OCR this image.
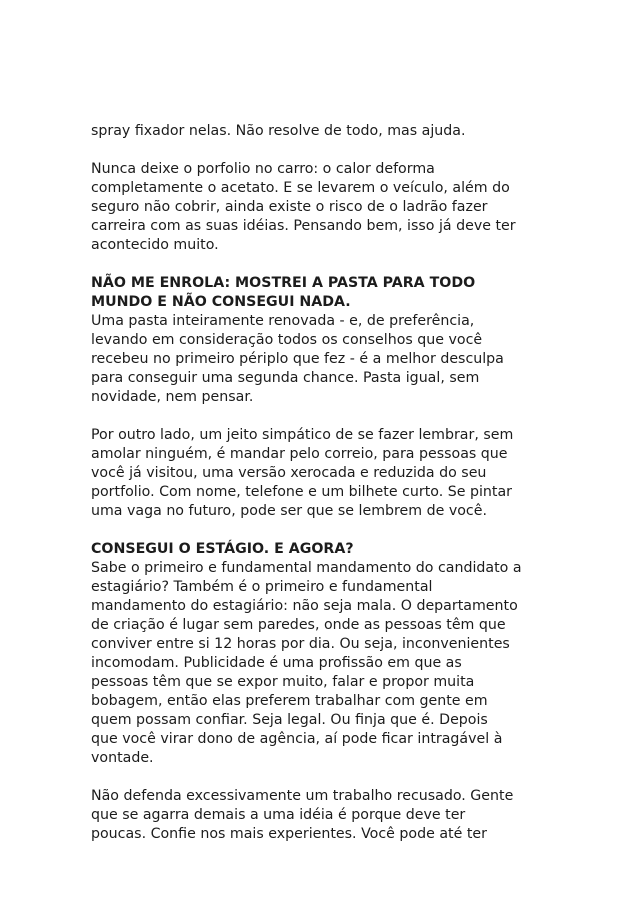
spray fixador nelas. Não resolve de todo, mas ajuda.
Nunca deixe o porfolio no carro: o calor deforma
completamente o acetato. E se levarem o veículo, além do
seguro não cobrir, ainda existe o risco de o ladrão fazer
carreira com as suas idéias. Pensando bem, isso já deve ter
acontecido muito.
NÃO ME ENROLA: MOSTREI A PASTA PARA TODO
MUNDO E NÃO CONSEGUI NADA.
Uma pasta inteiramente renovada - e, de preferência,
levando em consideração todos os conselhos que você
recebeu no primeiro périplo que fez - é a melhor desculpa
para conseguir uma segunda chance. Pasta igual, sem
novidade, nem pensar.
Por outro lado, um jeito simpático de se fazer lembrar, sem
amolar ninguém, é mandar pelo correio, para pessoas que
você já visitou, uma versão xerocada e reduzida do seu
portfolio. Com nome, telefone e um bilhete curto. Se pintar
uma vaga no futuro, pode ser que se lembrem de você.
CONSEGUI O ESTÁGIO. E AGORA?
Sabe o primeiro e fundamental mandamento do candidato a
estagiário? Também é o primeiro e fundamental
mandamento do estagiário: não seja mala. O departamento
de criação é lugar sem paredes, onde as pessoas têm que
conviver entre si 12 horas por dia. Ou seja, inconvenientes
incomodam. Publicidade é uma profissão em que as
pessoas têm que se expor muito, falar e propor muita
bobagem, então elas preferem trabalhar com gente em
quem possam confiar. Seja legal. Ou finja que é. Depois
que você virar dono de agência, aí pode ficar intragável à
vontade.
Não defenda excessivamente um trabalho recusado. Gente
que se agarra demais a uma idéia é porque deve ter
poucas. Confie nos mais experientes. Você pode até ter
